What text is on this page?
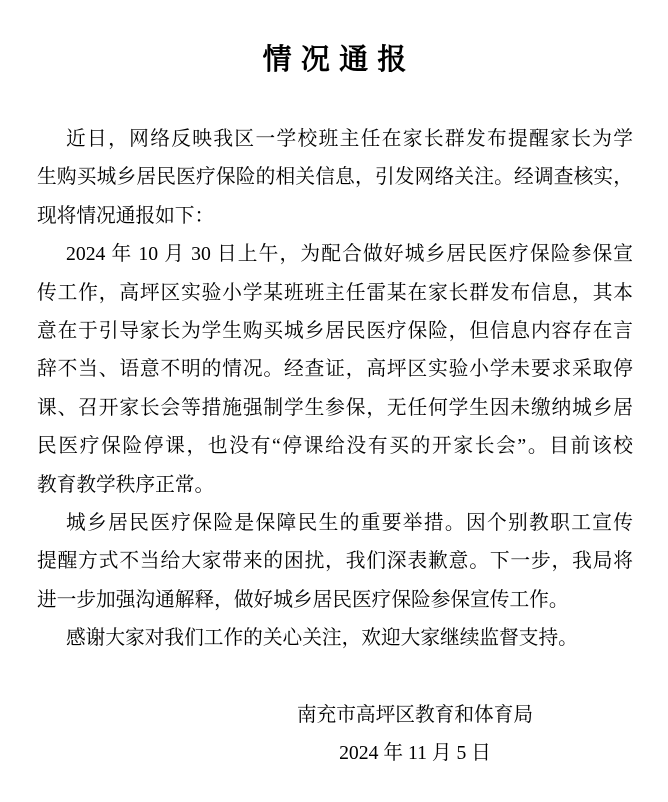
情 况 通 报
近日，网络反映我区一学校班主任在家长群发布提醒家长为学
生购买城乡居民医疗保险的相关信息，引发网络关注。经调查核实，
现将情况通报如下：
2024 年 10 月 30 日上午，为配合做好城乡居民医疗保险参保宣
传工作，高坪区实验小学某班班主任雷某在家长群发布信息，其本
意在于引导家长为学生购买城乡居民医疗保险，但信息内容存在言
辞不当、语意不明的情况。经查证，高坪区实验小学未要求采取停
课、召开家长会等措施强制学生参保，无任何学生因未缴纳城乡居
民医疗保险停课，也没有“停课给没有买的开家长会”。目前该校
教育教学秩序正常。
城乡居民医疗保险是保障民生的重要举措。因个别教职工宣传
提醒方式不当给大家带来的困扰，我们深表歉意。下一步，我局将
进一步加强沟通解释，做好城乡居民医疗保险参保宣传工作。
感谢大家对我们工作的关心关注，欢迎大家继续监督支持。
南充市高坪区教育和体育局
2024 年 11 月 5 日
